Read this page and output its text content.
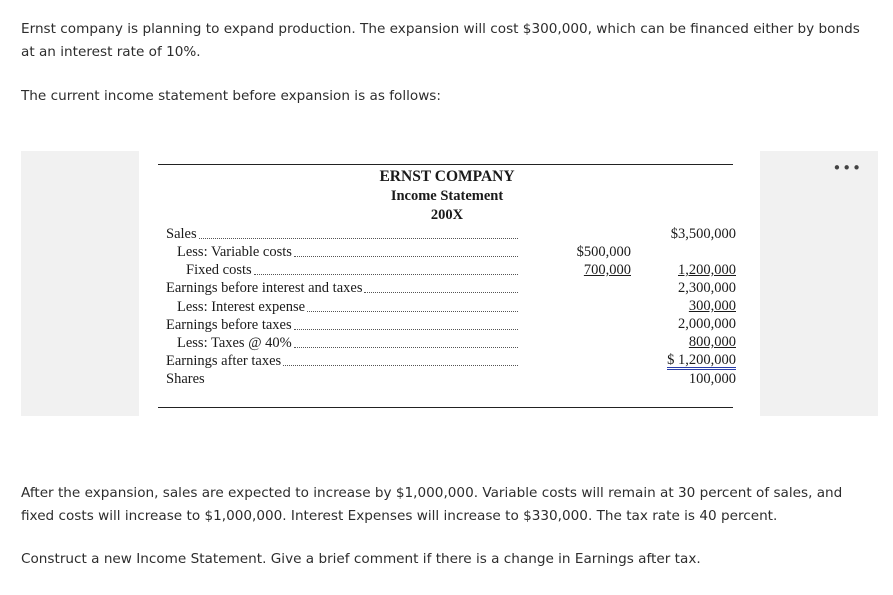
Ernst company is planning to expand production. The expansion will cost $300,000, which can be financed either by bonds at an interest rate of 10%.

The current income statement before expansion is as follows:

•••
ERNST COMPANY
Income Statement
200X
Sales
Less: Variable costs
Fixed costs
Earnings before interest and taxes
Less: Interest expense
Earnings before taxes
Less: Taxes @ 40%
Earnings after taxes
Shares
$500,000
700,000
$3,500,000
1,200,000
2,300,000
300,000
2,000,000
800,000
$ 1,200,000
100,000

After the expansion, sales are expected to increase by $1,000,000. Variable costs will remain at 30 percent of sales, and fixed costs will increase to $1,000,000. Interest Expenses will increase to $330,000. The tax rate is 40 percent.

Construct a new Income Statement. Give a brief comment if there is a change in Earnings after tax.
